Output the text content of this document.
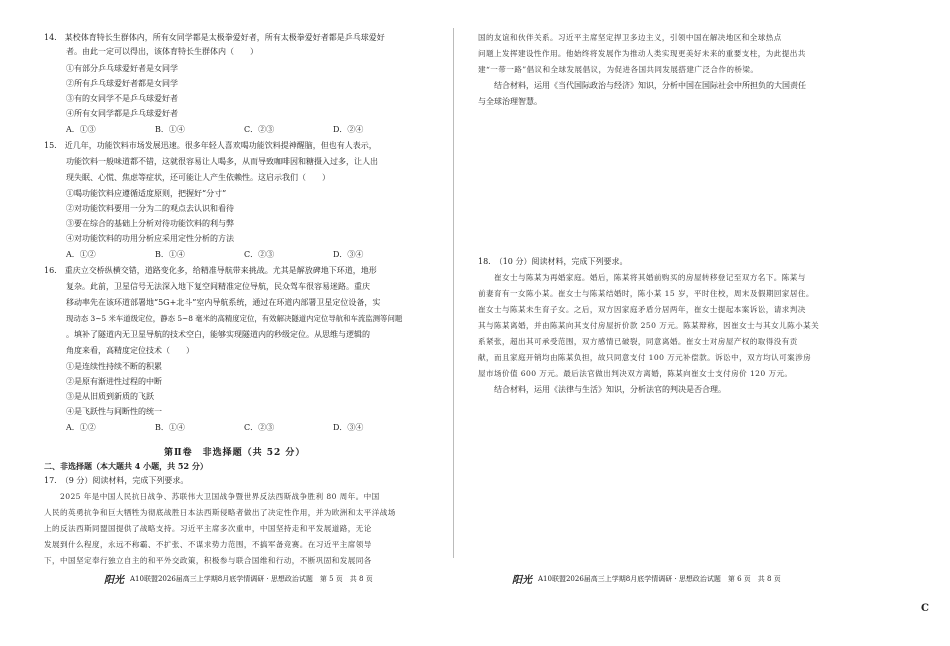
14.　某校体育特长生群体内，所有女同学都是太极拳爱好者，所有太极拳爱好者都是乒乓球爱好
者。由此一定可以得出，该体育特长生群体内（　　）
①有部分乒乓球爱好者是女同学
②所有乒乓球爱好者都是女同学
③有的女同学不是乒乓球爱好者
④所有女同学都是乒乓球爱好者
A．①③	B．①④	C．②③	D．②④
15.　近几年，功能饮料市场发展迅速。很多年轻人喜欢喝功能饮料提神醒脑，但也有人表示，
功能饮料一般味道都不错，这就很容易让人喝多，从而导致咖啡因和糖摄入过多，让人出
现失眠、心慌、焦虑等症状，还可能让人产生依赖性。这启示我们（　　）
①喝功能饮料应遵循适度原则，把握好“分寸”
②对功能饮料要用一分为二的观点去认识和看待
③要在综合的基础上分析对待功能饮料的利与弊
④对功能饮料的功用分析应采用定性分析的方法
A．①②	B．①④	C．②③	D．③④
16.　重庆立交桥纵横交错，道路变化多，给精准导航带来挑战。尤其是解放碑地下环道，地形
复杂。此前，卫星信号无法深入地下复空间精准定位导航，民众驾车很容易迷路。重庆
移动率先在该环道部署地“5G+北斗”室内导航系统，通过在环道内部署卫星定位设备，实
现动态 3~5 米车道级定位，静态 5~8 毫米的高精度定位，有效解决隧道内定位导航和车流监测等问题
。填补了隧道内无卫星导航的技术空白，能够实现隧道内的秒级定位。从思维与逻辑的
角度来看，高精度定位技术（　　）
①是连续性持续不断的积累
②是原有渐进性过程的中断
③是从旧质到新质的飞跃
④是飞跃性与间断性的统一
A．①②	B．①④	C．②③	D．③④
第Ⅱ卷　非选择题（共 52 分）
二、非选择题（本大题共 4 小题，共 52 分）
17.　（9 分）阅读材料，完成下列要求。
　　2025 年是中国人民抗日战争、苏联伟大卫国战争暨世界反法西斯战争胜利 80 周年。中国
人民的英勇抗争和巨大牺牲为彻底战胜日本法西斯侵略者做出了决定性作用，并为欧洲和太平洋战场
上的反法西斯同盟国提供了战略支持。习近平主席多次重申，中国坚持走和平发展道路，无论
发展到什么程度，永远不称霸、不扩张、不谋求势力范围，不搞军备竞赛。在习近平主席领导
下，中国坚定奉行独立自主的和平外交政策，积极参与联合国维和行动，不断巩固和发展同各
阳光 A10联盟2026届高三上学期8月底学情调研 · 思想政治试题　第 5 页　共 8 页
国的友谊和伙伴关系。习近平主席坚定捍卫多边主义，引领中国在解决地区和全球热点
问题上发挥建设性作用。他始终将发展作为推动人类实现更美好未来的重要支柱，为此提出共
建“一带一路”倡议和全球发展倡议，为促进各国共同发展搭建广泛合作的桥梁。
　　结合材料，运用《当代国际政治与经济》知识，分析中国在国际社会中所担负的大国责任
与全球治理智慧。
18.　（10 分）阅读材料，完成下列要求。
　　崔女士与陈某为再婚家庭。婚后，陈某将其婚前购买的房屋转移登记至双方名下。陈某与
前妻育有一女陈小某。崔女士与陈某结婚时，陈小某 15 岁，平时住校，周末及假期回家居住。
崔女士与陈某未生育子女。之后，双方因家庭矛盾分居两年，崔女士提起本案诉讼，请求判决
其与陈某离婚，并由陈某向其支付房屋折价款 250 万元。陈某辩称，因崔女士与其女儿陈小某关
系紧张，超出其可承受范围，双方感情已破裂，同意离婚。崔女士对房屋产权的取得没有贡
献，而且家庭开销均由陈某负担，故只同意支付 100 万元补偿款。诉讼中，双方均认可案涉房
屋市场价值 600 万元。最后法官做出判决双方离婚，陈某向崔女士支付房价 120 万元。
　　结合材料，运用《法律与生活》知识，分析法官的判决是否合理。
阳光 A10联盟2026届高三上学期8月底学情调研 · 思想政治试题　第 6 页　共 8 页
C
